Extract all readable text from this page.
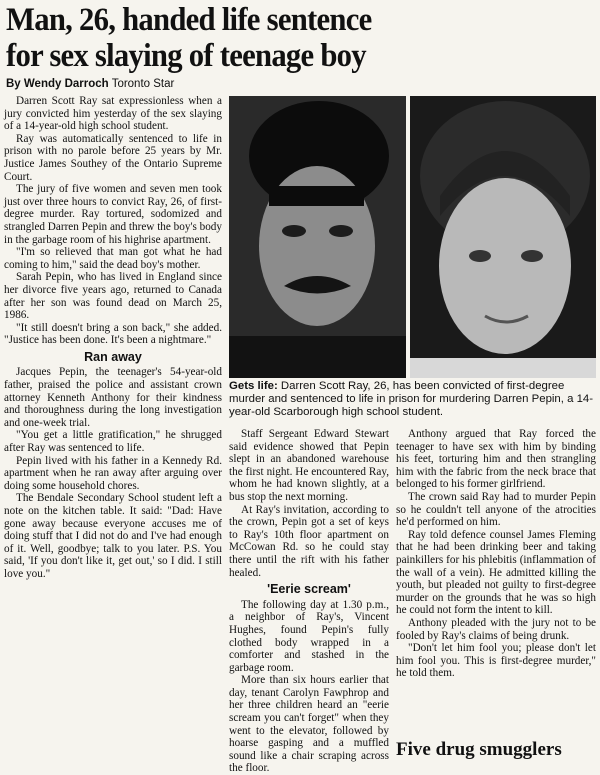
Man, 26, handed life sentence
for sex slaying of teenage boy
By Wendy Darroch Toronto Star

Darren Scott Ray sat expressionless when a jury convicted him yesterday of the sex slaying of a 14-year-old high school student.

Ray was automatically sentenced to life in prison with no parole before 25 years by Mr. Justice James Southey of the Ontario Supreme Court.

The jury of five women and seven men took just over three hours to convict Ray, 26, of first-degree murder. Ray tortured, sodomized and strangled Darren Pepin and threw the boy's body in the garbage room of his highrise apartment.

"I'm so relieved that man got what he had coming to him," said the dead boy's mother.

Sarah Pepin, who has lived in England since her divorce five years ago, returned to Canada after her son was found dead on March 25, 1986.

"It still doesn't bring a son back," she added. "Justice has been done. It's been a nightmare."

Ran away

Jacques Pepin, the teenager's 54-year-old father, praised the police and assistant crown attorney Kenneth Anthony for their kindness and thoroughness during the long investigation and one-week trial.

"You get a little gratification," he shrugged after Ray was sentenced to life.

Pepin lived with his father in a Kennedy Rd. apartment when he ran away after arguing over doing some household chores.

The Bendale Secondary School student left a note on the kitchen table. It said: "Dad: Have gone away because everyone accuses me of doing stuff that I did not do and I've had enough of it. Well, goodbye; talk to you later. P.S. You said, 'If you don't like it, get out,' so I did. I still love you."

Gets life: Darren Scott Ray, 26, has been convicted of first-degree murder and sentenced to life in prison for murdering Darren Pepin, a 14-year-old Scarborough high school student.

Staff Sergeant Edward Stewart said evidence showed that Pepin slept in an abandoned warehouse the first night. He encountered Ray, whom he had known slightly, at a bus stop the next morning.

At Ray's invitation, according to the crown, Pepin got a set of keys to Ray's 10th floor apartment on McCowan Rd. so he could stay there until the rift with his father healed.

'Eerie scream'

The following day at 1.30 p.m., a neighbor of Ray's, Vincent Hughes, found Pepin's fully clothed body wrapped in a comforter and stashed in the garbage room.

More than six hours earlier that day, tenant Carolyn Fawphrop and her three children heard an "eerie scream you can't forget" when they went to the elevator, followed by hoarse gasping and a muffled sound like a chair scraping across the floor.

Anthony argued that Ray forced the teenager to have sex with him by binding his feet, torturing him and then strangling him with the fabric from the neck brace that belonged to his former girlfriend.

The crown said Ray had to murder Pepin so he couldn't tell anyone of the atrocities he'd performed on him.

Ray told defence counsel James Fleming that he had been drinking beer and taking painkillers for his phlebitis (inflammation of the wall of a vein). He admitted killing the youth, but pleaded not guilty to first-degree murder on the grounds that he was so high he could not form the intent to kill.

Anthony pleaded with the jury not to be fooled by Ray's claims of being drunk.

"Don't let him fool you; please don't let him fool you. This is first-degree murder," he told them.

Five drug smugglers
